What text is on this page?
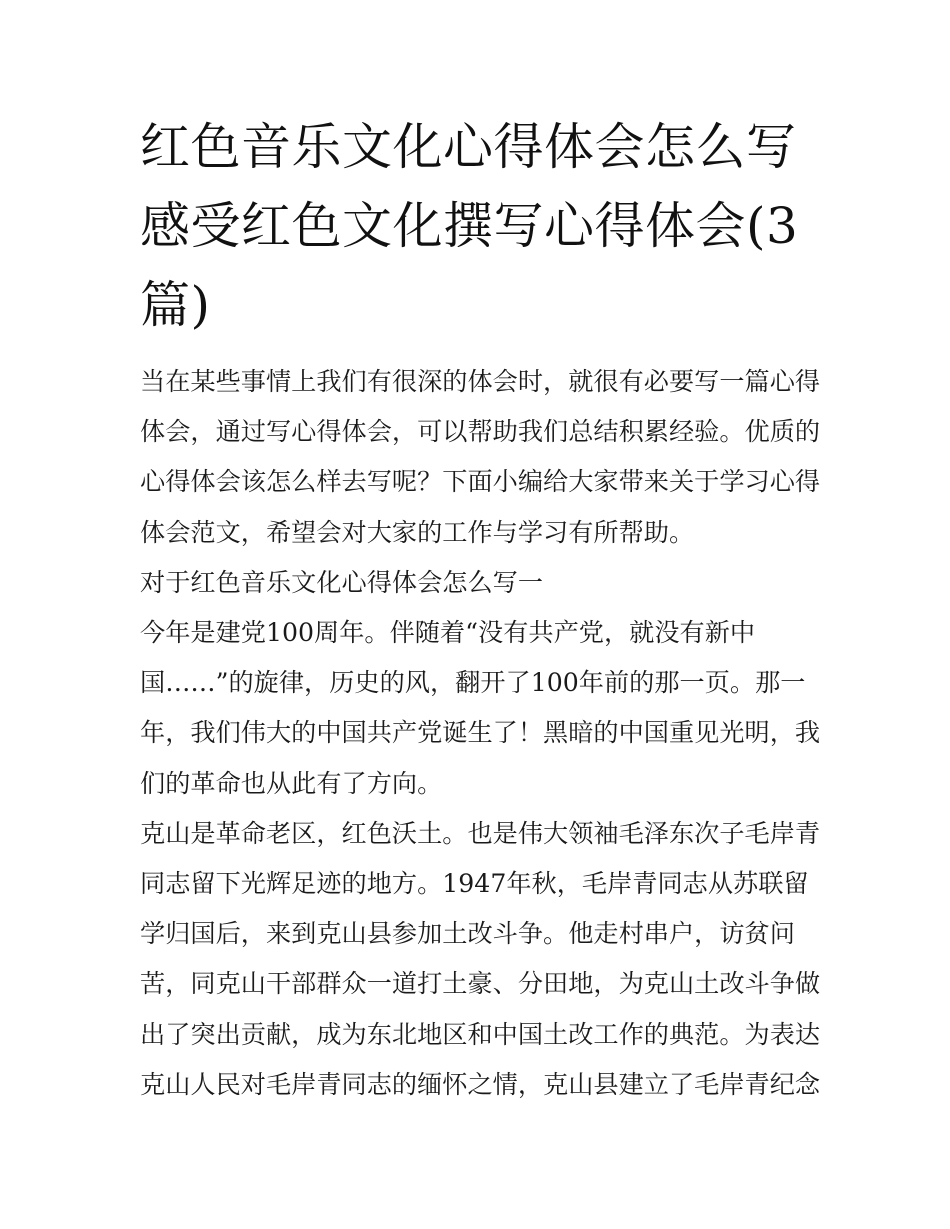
红色音乐文化心得体会怎么写
感受红色文化撰写心得体会(3
篇)

当在某些事情上我们有很深的体会时，就很有必要写一篇心得
体会，通过写心得体会，可以帮助我们总结积累经验。优质的
心得体会该怎么样去写呢？下面小编给大家带来关于学习心得
体会范文，希望会对大家的工作与学习有所帮助。

对于红色音乐文化心得体会怎么写一

今年是建党100周年。伴随着“没有共产党，就没有新中
国……”的旋律，历史的风，翻开了100年前的那一页。那一
年，我们伟大的中国共产党诞生了！黑暗的中国重见光明，我
们的革命也从此有了方向。

克山是革命老区，红色沃土。也是伟大领袖毛泽东次子毛岸青
同志留下光辉足迹的地方。1947年秋，毛岸青同志从苏联留
学归国后，来到克山县参加土改斗争。他走村串户，访贫问
苦，同克山干部群众一道打土豪、分田地，为克山土改斗争做
出了突出贡献，成为东北地区和中国土改工作的典范。为表达
克山人民对毛岸青同志的缅怀之情，克山县建立了毛岸青纪念
